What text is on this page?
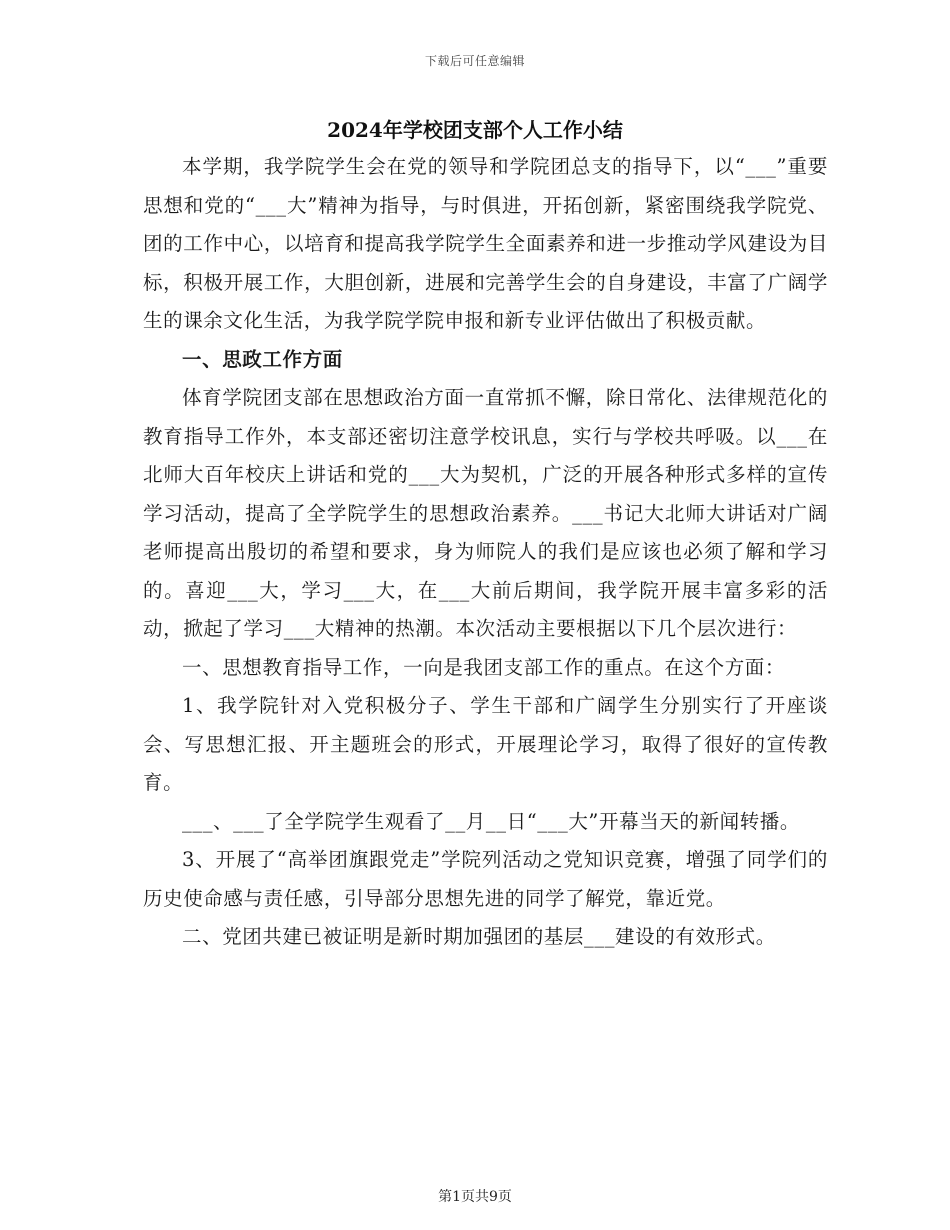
下载后可任意编辑
2024年学校团支部个人工作小结

本学期，我学院学生会在党的领导和学院团总支的指导下，以“___”重要思想和党的“___大”精神为指导，与时俱进，开拓创新，紧密围绕我学院党、团的工作中心，以培育和提高我学院学生全面素养和进一步推动学风建设为目标，积极开展工作，大胆创新，进展和完善学生会的自身建设，丰富了广阔学生的课余文化生活，为我学院学院申报和新专业评估做出了积极贡献。

一、思政工作方面

体育学院团支部在思想政治方面一直常抓不懈，除日常化、法律规范化的教育指导工作外，本支部还密切注意学校讯息，实行与学校共呼吸。以___在北师大百年校庆上讲话和党的___大为契机，广泛的开展各种形式多样的宣传学习活动，提高了全学院学生的思想政治素养。___书记大北师大讲话对广阔老师提高出殷切的希望和要求，身为师院人的我们是应该也必须了解和学习的。喜迎___大，学习___大，在___大前后期间，我学院开展丰富多彩的活动，掀起了学习___大精神的热潮。本次活动主要根据以下几个层次进行：

一、思想教育指导工作，一向是我团支部工作的重点。在这个方面：

1、我学院针对入党积极分子、学生干部和广阔学生分别实行了开座谈会、写思想汇报、开主题班会的形式，开展理论学习，取得了很好的宣传教育。

___、___了全学院学生观看了__月__日“___大”开幕当天的新闻转播。

3、开展了“高举团旗跟党走”学院列活动之党知识竞赛，增强了同学们的历史使命感与责任感，引导部分思想先进的同学了解党，靠近党。

二、党团共建已被证明是新时期加强团的基层___建设的有效形式。

第1页共9页
